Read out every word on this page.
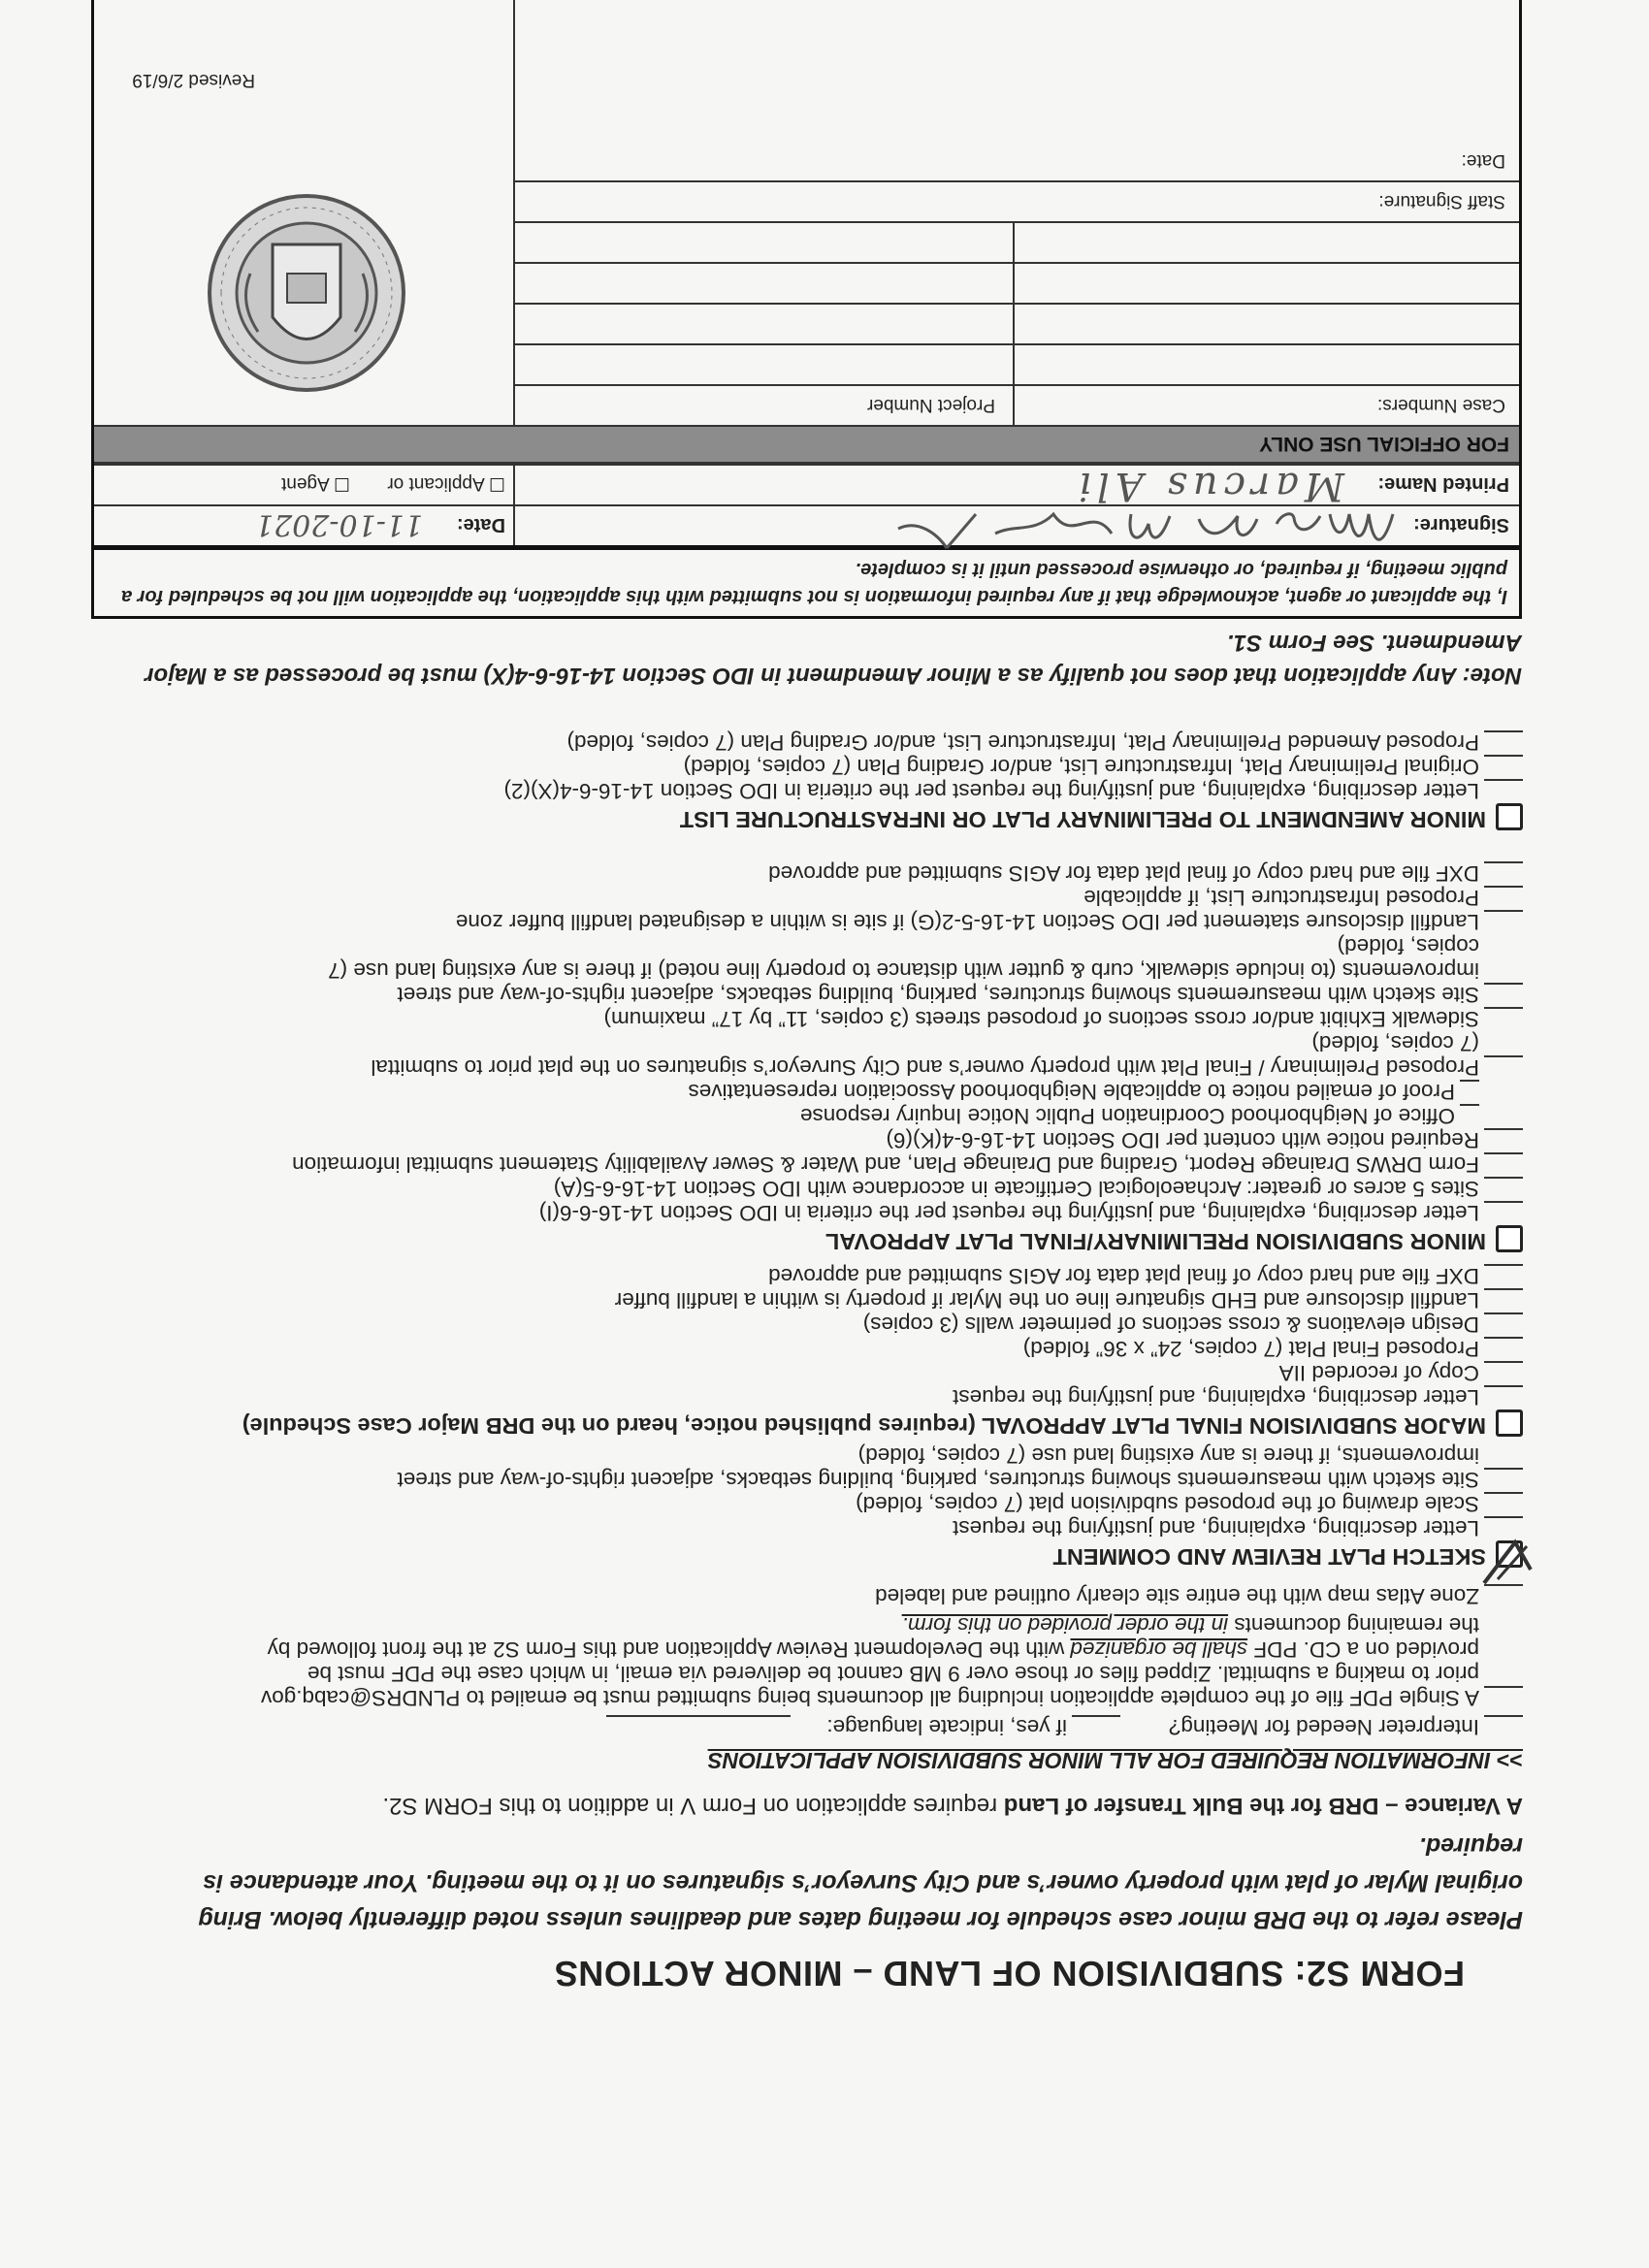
FORM S2: SUBDIVISION OF LAND – MINOR ACTIONS
Please refer to the DRB minor case schedule for meeting dates and deadlines unless noted differently below. Bring original Mylar of plat with property owner’s and City Surveyor’s signatures on it to the meeting. Your attendance is required.
A Variance – DRB for the Bulk Transfer of Land requires application on Form V in addition to this FORM S2.
>> INFORMATION REQUIRED FOR ALL MINOR SUBDIVISION APPLICATIONS
Interpreter Needed for Meeting?
if yes, indicate language:
A Single PDF file of the complete application including all documents being submitted must be emailed to PLNDRS@cabq.gov
prior to making a submittal. Zipped files or those over 9 MB cannot be delivered via email, in which case the PDF must be
provided on a CD. PDF shall be organized with the Development Review Application and this Form S2 at the front followed by
the remaining documents in the order provided on this form.
Zone Atlas map with the entire site clearly outlined and labeled
SKETCH PLAT REVIEW AND COMMENT
Letter describing, explaining, and justifying the request
Scale drawing of the proposed subdivision plat (7 copies, folded)
Site sketch with measurements showing structures, parking, building setbacks, adjacent rights-of-way and street
improvements, if there is any existing land use (7 copies, folded)
MAJOR SUBDIVISION FINAL PLAT APPROVAL (requires published notice, heard on the DRB Major Case Schedule)
Letter describing, explaining, and justifying the request
Copy of recorded IIA
Proposed Final Plat (7 copies, 24” x 36” folded)
Design elevations & cross sections of perimeter walls (3 copies)
Landfill disclosure and EHD signature line on the Mylar if property is within a landfill buffer
DXF file and hard copy of final plat data for AGIS submitted and approved
MINOR SUBDIVISION PRELIMINARY/FINAL PLAT APPROVAL
Letter describing, explaining, and justifying the request per the criteria in IDO Section 14-16-6-6(I)
Sites 5 acres or greater: Archaeological Certificate in accordance with IDO Section 14-16-6-5(A)
Form DRWS Drainage Report, Grading and Drainage Plan, and Water & Sewer Availability Statement submittal information
Required notice with content per IDO Section 14-16-6-4(K)(6)
Office of Neighborhood Coordination Public Notice Inquiry response
Proof of emailed notice to applicable Neighborhood Association representatives
Proposed Preliminary / Final Plat with property owner’s and City Surveyor’s signatures on the plat prior to submittal
(7 copies, folded)
Sidewalk Exhibit and/or cross sections of proposed streets (3 copies, 11” by 17” maximum)
Site sketch with measurements showing structures, parking, building setbacks, adjacent rights-of-way and street
improvements (to include sidewalk, curb & gutter with distance to property line noted) if there is any existing land use (7
copies, folded)
Landfill disclosure statement per IDO Section 14-16-5-2(G) if site is within a designated landfill buffer zone
Proposed Infrastructure List, if applicable
DXF file and hard copy of final plat data for AGIS submitted and approved
MINOR AMENDMENT TO PRELIMINARY PLAT OR INFRASTRUCTURE LIST
Letter describing, explaining, and justifying the request per the criteria in IDO Section 14-16-6-4(X)(2)
Original Preliminary Plat, Infrastructure List, and/or Grading Plan (7 copies, folded)
Proposed Amended Preliminary Plat, Infrastructure List, and/or Grading Plan (7 copies, folded)
Note: Any application that does not qualify as a Minor Amendment in IDO Section 14-16-6-4(X) must be processed as a Major Amendment. See Form S1.
I, the applicant or agent, acknowledge that if any required information is not submitted with this application, the application will not be scheduled for a public meeting, if required, or otherwise processed until it is complete.
Signature:
Date:
11-10-2021
Printed Name:
Marcus Ali
☐ Applicant or
☐ Agent
FOR OFFICIAL USE ONLY
Case Numbers:
Project Number
Staff Signature:
Date:
Revised 2/6/19
